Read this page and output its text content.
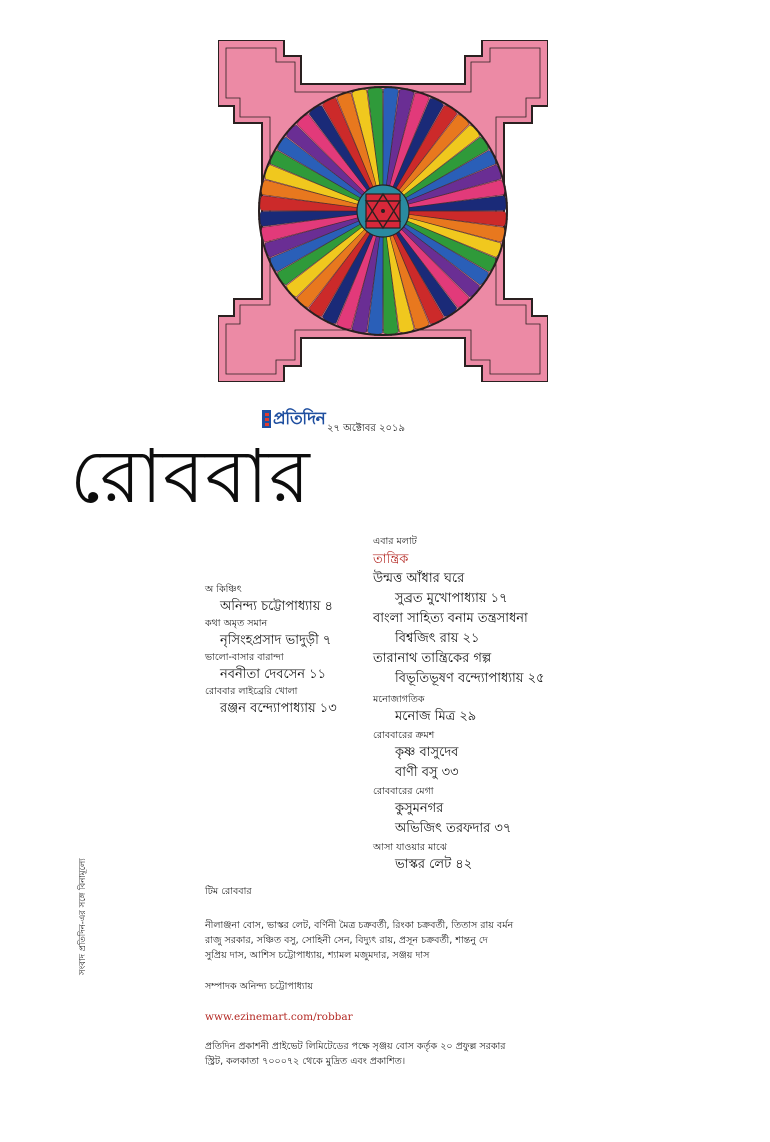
প্রতিদিন ২৭ অক্টোবর ২০১৯
রোববার
অ কিঞ্চিৎ
অনিন্দ্য চট্টোপাধ্যায় ৪
কথা অমৃত সমান
নৃসিংহপ্রসাদ ভাদুড়ী ৭
ভালো-বাসার বারান্দা
নবনীতা দেবসেন ১১
রোববার লাইব্রেরি খোলা
রঞ্জন বন্দ্যোপাধ্যায় ১৩
এবার মলাট
তান্ত্রিক
উন্মত্ত আঁধার ঘরে
সুব্রত মুখোপাধ্যায় ১৭
বাংলা সাহিত্য বনাম তন্ত্রসাধনা
বিশ্বজিৎ রায় ২১
তারানাথ তান্ত্রিকের গল্প
বিভূতিভূষণ বন্দ্যোপাধ্যায় ২৫
মনোজাগতিক
মনোজ মিত্র ২৯
রোববারের ক্রমশ
কৃষ্ণ বাসুদেব
বাণী বসু ৩৩
রোববারের মেগা
কুসুমনগর
অভিজিৎ তরফদার ৩৭
আসা যাওয়ার মাঝে
ভাস্কর লেট ৪২
সংবাদ প্রতিদিন-এর সঙ্গে বিনামূল্যে	টিম রোববার
নীলাঞ্জনা বোস, ভাস্কর লেট, বর্ণিনী মৈত্র চক্রবর্তী, রিংকা চক্রবর্তী, তিতাস রায় বর্মন
রাজু সরকার, সঞ্চিত বসু, সোহিনী সেন, বিদ্যুৎ রায়, প্রসূন চক্রবর্তী, শান্তনু দে
সুপ্রিয় দাস, আশিস চট্টোপাধ্যায়, শ্যামল মজুমদার, সঞ্জয় দাস
সম্পাদক অনিন্দ্য চট্টোপাধ্যায়
www.ezinemart.com/robbar
প্রতিদিন প্রকাশনী প্রাইভেট লিমিটেডের পক্ষে সৃঞ্জয় বোস কর্তৃক ২০ প্রফুল্ল সরকার
স্ট্রিট, কলকাতা ৭০০০৭২ থেকে মুদ্রিত এবং প্রকাশিত।
